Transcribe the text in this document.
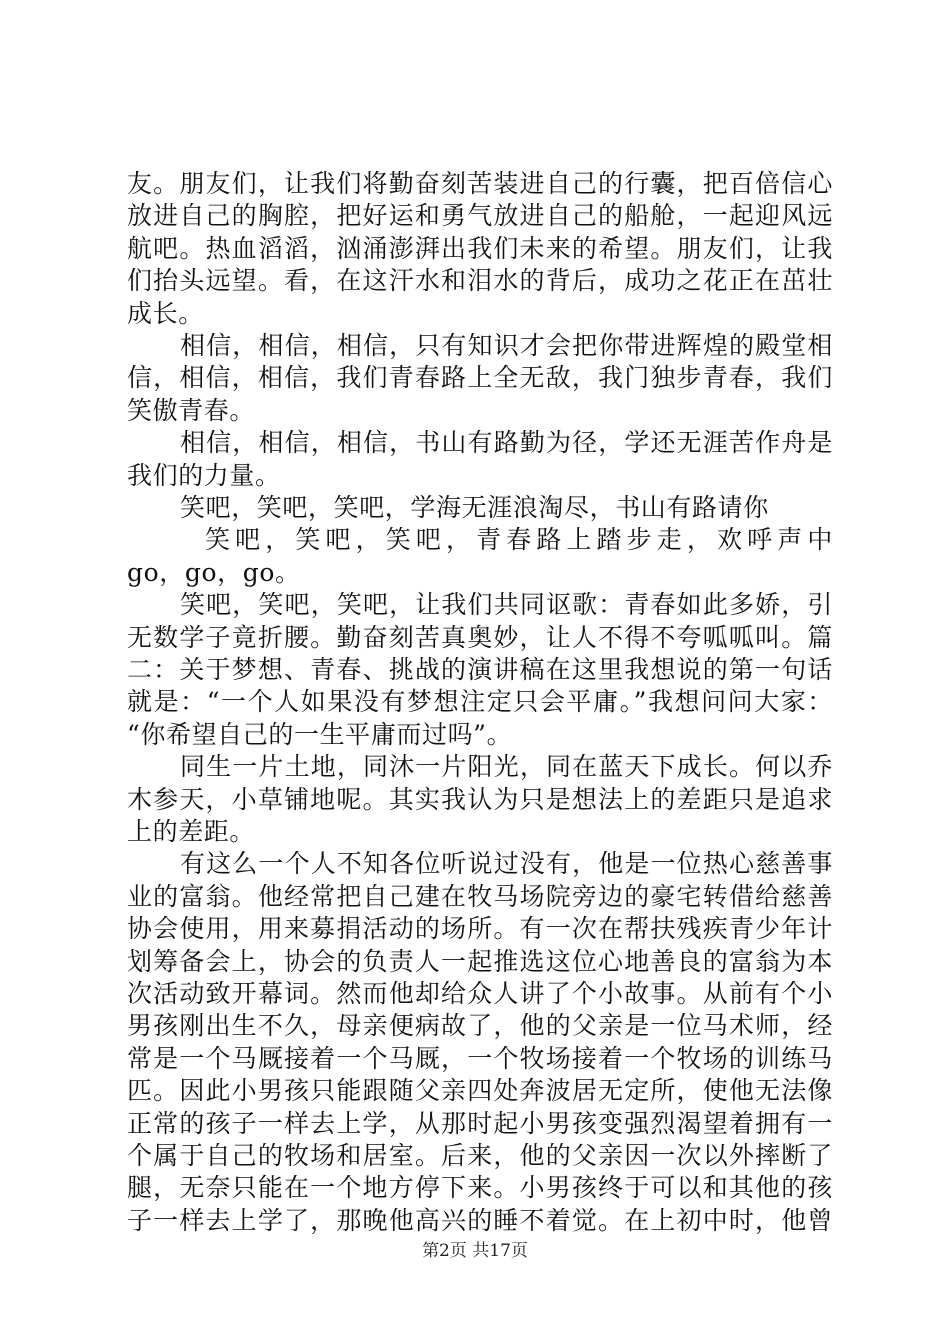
友。朋友们，让我们将勤奋刻苦装进自己的行囊，把百倍信心
放进自己的胸腔，把好运和勇气放进自己的船舱，一起迎风远
航吧。热血滔滔，汹涌澎湃出我们未来的希望。朋友们，让我
们抬头远望。看，在这汗水和泪水的背后，成功之花正在茁壮
成长。
相信，相信，相信，只有知识才会把你带进辉煌的殿堂相
信，相信，相信，我们青春路上全无敌，我门独步青春，我们
笑傲青春。
相信，相信，相信，书山有路勤为径，学还无涯苦作舟是
我们的力量。
笑吧，笑吧，笑吧，学海无涯浪淘尽，书山有路请你
笑吧，笑吧，笑吧，青春路上踏步走，欢呼声中
go，go，go。
笑吧，笑吧，笑吧，让我们共同讴歌：青春如此多娇，引
无数学子竟折腰。勤奋刻苦真奥妙，让人不得不夸呱呱叫。篇
二：关于梦想、青春、挑战的演讲稿在这里我想说的第一句话
就是：“一个人如果没有梦想注定只会平庸。”我想问问大家：
“你希望自己的一生平庸而过吗”。
同生一片土地，同沐一片阳光，同在蓝天下成长。何以乔
木参天，小草铺地呢。其实我认为只是想法上的差距只是追求
上的差距。
有这么一个人不知各位听说过没有，他是一位热心慈善事
业的富翁。他经常把自己建在牧马场院旁边的豪宅转借给慈善
协会使用，用来募捐活动的场所。有一次在帮扶残疾青少年计
划筹备会上，协会的负责人一起推选这位心地善良的富翁为本
次活动致开幕词。然而他却给众人讲了个小故事。从前有个小
男孩刚出生不久，母亲便病故了，他的父亲是一位马术师，经
常是一个马厩接着一个马厩，一个牧场接着一个牧场的训练马
匹。因此小男孩只能跟随父亲四处奔波居无定所，使他无法像
正常的孩子一样去上学，从那时起小男孩变强烈渴望着拥有一
个属于自己的牧场和居室。后来，他的父亲因一次以外摔断了
腿，无奈只能在一个地方停下来。小男孩终于可以和其他的孩
子一样去上学了，那晚他高兴的睡不着觉。在上初中时，他曾
第2页 共17页
